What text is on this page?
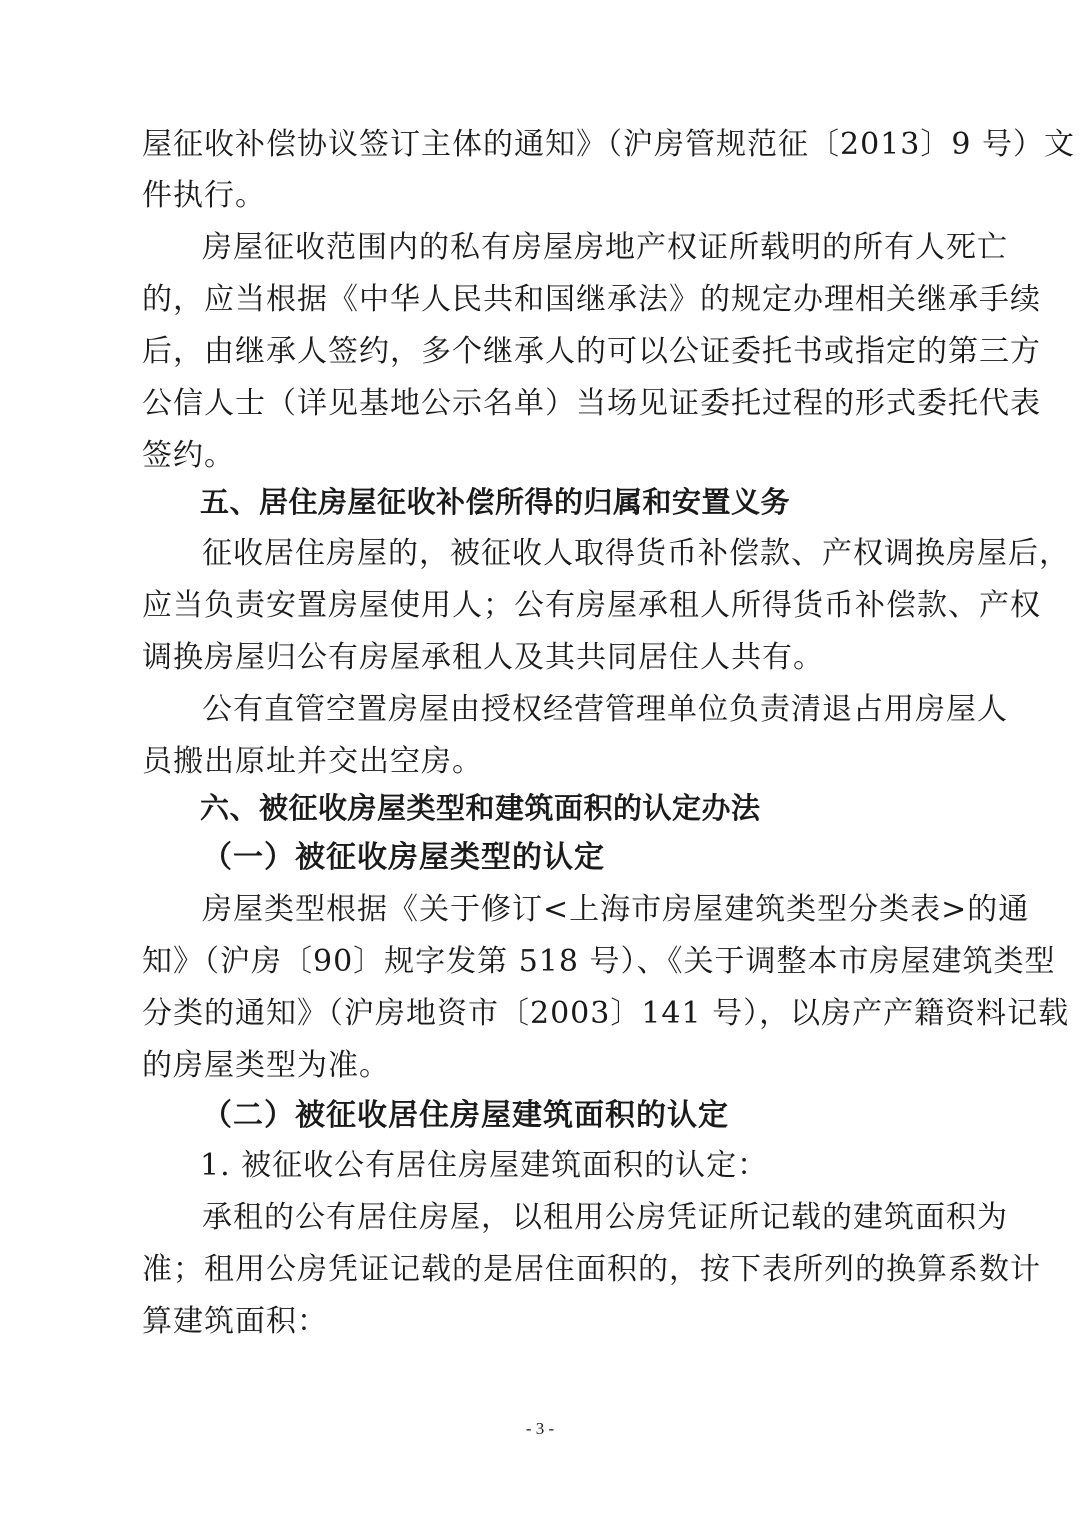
屋征收补偿协议签订主体的通知》（沪房管规范征〔2013〕9 号）文
件执行。
房屋征收范围内的私有房屋房地产权证所载明的所有人死亡
的，应当根据《中华人民共和国继承法》的规定办理相关继承手续
后，由继承人签约，多个继承人的可以公证委托书或指定的第三方
公信人士（详见基地公示名单）当场见证委托过程的形式委托代表
签约。
五、居住房屋征收补偿所得的归属和安置义务
征收居住房屋的，被征收人取得货币补偿款、产权调换房屋后，
应当负责安置房屋使用人；公有房屋承租人所得货币补偿款、产权
调换房屋归公有房屋承租人及其共同居住人共有。
公有直管空置房屋由授权经营管理单位负责清退占用房屋人
员搬出原址并交出空房。
六、被征收房屋类型和建筑面积的认定办法
（一）被征收房屋类型的认定
房屋类型根据《关于修订<上海市房屋建筑类型分类表>的通
知》（沪房〔90〕规字发第 518 号）、《关于调整本市房屋建筑类型
分类的通知》（沪房地资市〔2003〕141 号），以房产产籍资料记载
的房屋类型为准。
（二）被征收居住房屋建筑面积的认定
1. 被征收公有居住房屋建筑面积的认定：
承租的公有居住房屋，以租用公房凭证所记载的建筑面积为
准；租用公房凭证记载的是居住面积的，按下表所列的换算系数计
算建筑面积：
- 3 -
